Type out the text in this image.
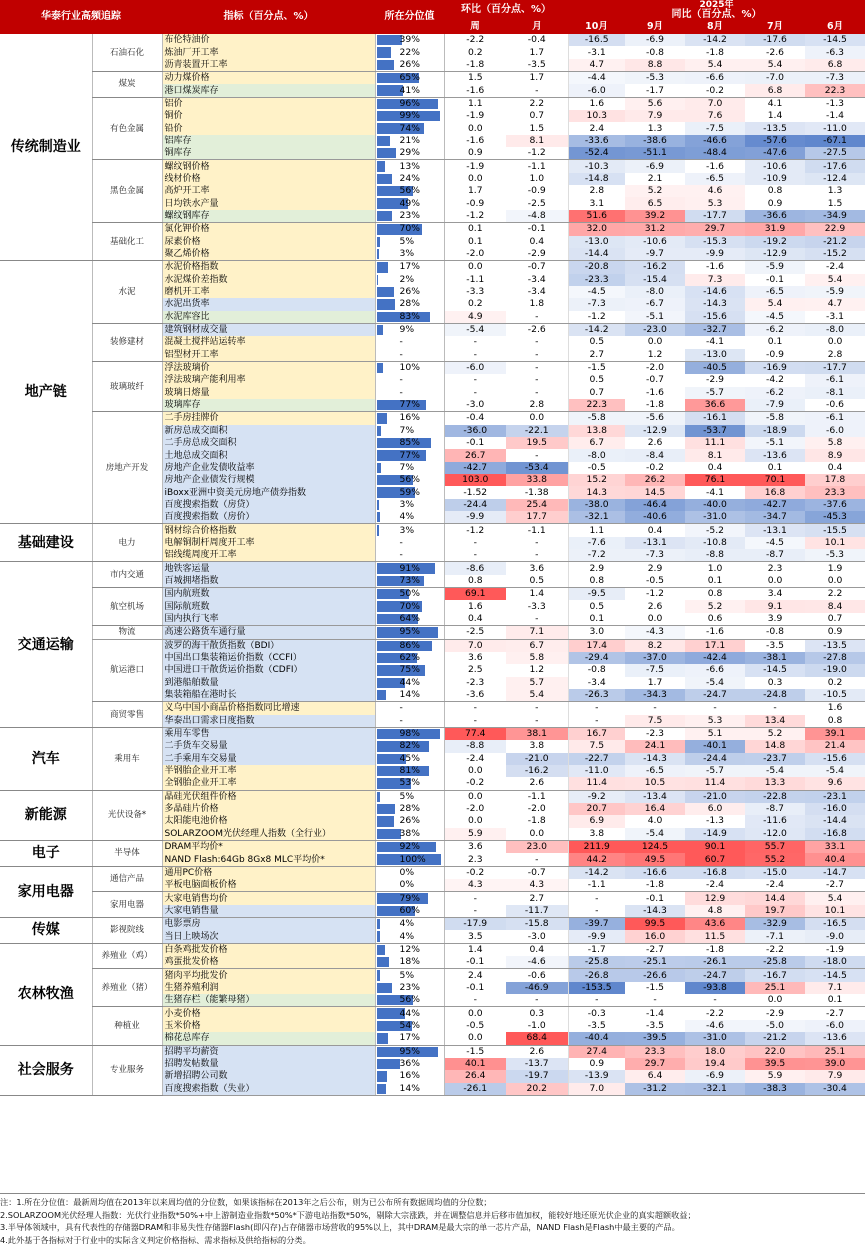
华泰行业高频追踪		指标（百分点、%）	所在分位值	环比（百分点、%）		2025年
同比（百分点、%）				

				周	月	10月	9月	8月	7月	6月
传统制造业	石油石化	布伦特油价	39%	-2.2	-0.4	-16.5	-6.9	-14.2	-17.6	-14.5
		炼油厂开工率	22%	0.2	1.7	-3.1	-0.8	-1.8	-2.6	-6.3
		沥青装置开工率	26%	-1.8	-3.5	4.7	8.8	5.4	5.4	6.8
	煤炭	动力煤价格	65%	1.5	1.7	-4.4	-5.3	-6.6	-7.0	-7.3
		港口煤炭库存	41%	-1.6	-	-6.0	-1.7	-0.2	6.8	22.3
	有色金属	铝价	96%	1.1	2.2	1.6	5.6	7.0	4.1	-1.3
		铜价	99%	-1.9	0.7	10.3	7.9	7.6	1.4	-1.4
		铅价	74%	0.0	1.5	2.4	1.3	-7.5	-13.5	-11.0
		铝库存	21%	-1.6	8.1	-33.6	-38.6	-46.6	-57.6	-67.1
		铜库存	29%	0.9	-1.2	-52.4	-51.1	-48.4	-47.6	-27.5
	黑色金属	螺纹钢价格	13%	-1.9	-1.1	-10.3	-6.9	-1.6	-10.6	-17.6
		线材价格	24%	0.0	1.0	-14.8	2.1	-6.5	-10.9	-12.4
		高炉开工率	56%	1.7	-0.9	2.8	5.2	4.6	0.8	1.3
		日均铁水产量	49%	-0.9	-2.5	3.1	6.5	5.3	0.9	1.5
		螺纹钢库存	23%	-1.2	-4.8	51.6	39.2	-17.7	-36.6	-34.9
	基础化工	氯化钾价格	70%	0.1	-0.1	32.0	31.2	29.7	31.9	22.9
		尿素价格	5%	0.1	0.4	-13.0	-10.6	-15.3	-19.2	-21.2
		聚乙烯价格	3%	-2.0	-2.9	-14.4	-9.7	-9.9	-12.9	-15.2
地产链	水泥	水泥价格指数	17%	0.0	-0.7	-20.8	-16.2	-1.6	-5.9	-2.4
		水泥煤价差指数	2%	-1.1	-3.4	-23.3	-15.4	7.3	-0.1	5.4
		磨机开工率	26%	-3.3	-3.4	-4.5	-8.0	-14.6	-6.5	-5.9
		水泥出货率	28%	0.2	1.8	-7.3	-6.7	-14.3	5.4	4.7
		水泥库容比	83%	4.9	-	-1.2	-5.1	-15.6	-4.5	-3.1
	装修建材	建筑钢材成交量	9%	-5.4	-2.6	-14.2	-23.0	-32.7	-6.2	-8.0
		混凝土搅拌站运转率	-	-	-	0.5	0.0	-4.1	0.1	0.0
		铝型材开工率	-	-	-	2.7	1.2	-13.0	-0.9	2.8
	玻璃玻纤	浮法玻璃价	10%	-6.0	-	-1.5	-2.0	-40.5	-16.9	-17.7
		浮法玻璃产能利用率	-	-	-	0.5	-0.7	-2.9	-4.2	-6.1
		玻璃日熔量	-	-	-	0.7	-1.6	-5.7	-6.2	-8.1
		玻璃库存	77%	-3.0	2.8	22.3	-1.8	36.6	-7.9	-0.6
	房地产开发	二手房挂牌价	16%	-0.4	0.0	-5.8	-5.6	-16.1	-5.8	-6.1
		新房总成交面积	7%	-36.0	-22.1	13.8	-12.9	-53.7	-18.9	-6.0
		二手房总成交面积	85%	-0.1	19.5	6.7	2.6	11.1	-5.1	5.8
		土地总成交面积	77%	26.7	-	-8.0	-8.4	8.1	-13.6	8.9
		房地产企业发债收益率	7%	-42.7	-53.4	-0.5	-0.2	0.4	0.1	0.4
		房地产企业债发行规模	56%	103.0	33.8	15.2	26.2	76.1	70.1	17.8
		iBoxx亚洲中资美元房地产债券指数	59%	-1.52	-1.38	14.3	14.5	-4.1	16.8	23.3
		百度搜索指数（房贷）	3%	-24.4	25.4	-38.0	-46.4	-40.0	-42.7	-37.6
		百度搜索指数（房价）	4%	-9.9	17.7	-32.1	-40.6	-31.0	-34.7	-45.3
基础建设	电力	钢材综合价格指数	3%	-1.2	-1.1	1.1	0.4	-5.2	-13.1	-15.5
		电解铜制杆周度开工率	-	-	-	-7.6	-13.1	-10.8	-4.5	10.1
		铝线缆周度开工率	-	-	-	-7.2	-7.3	-8.8	-8.7	-5.3
交通运输	市内交通	地铁客运量	91%	-8.6	3.6	2.9	2.9	1.0	2.3	1.9
		百城拥堵指数	73%	0.8	0.5	0.8	-0.5	0.1	0.0	0.0
	航空机场	国内航班数	50%	69.1	1.4	-9.5	-1.2	0.8	3.4	2.2
		国际航班数	70%	1.6	-3.3	0.5	2.6	5.2	9.1	8.4
		国内执行飞率	64%	0.4	-	0.1	0.0	0.6	3.9	0.7
	物流	高速公路货车通行量	95%	-2.5	7.1	3.0	-4.3	-1.6	-0.8	0.9
	航运港口	波罗的海干散货指数（BDI）	86%	7.0	6.7	17.4	8.2	17.1	-3.5	-13.5
		中国出口集装箱运价指数（CCFI）	62%	3.6	5.8	-29.4	-37.0	-42.4	-38.1	-27.8
		中国进口干散货运价指数（CDFI）	75%	2.5	1.2	-0.8	-7.5	-6.6	-14.5	-19.0
		到港船舶数量	44%	-2.3	5.7	-3.4	1.7	-5.4	0.3	0.2
		集装箱船在港时长	14%	-3.6	5.4	-26.3	-34.3	-24.7	-24.8	-10.5
	商贸零售	义乌中国小商品价格指数同比增速	-	-	-	-	-	-	-	1.6
		华泰出口需求日度指数	-	-	-	-	7.5	5.3	13.4	0.8
汽车	乘用车	乘用车零售	98%	77.4	38.1	16.7	-2.3	5.1	5.2	39.1
		二手货车交易量	82%	-8.8	3.8	7.5	24.1	-40.1	14.8	21.4
		二手乘用车交易量	45%	-2.4	-21.0	-22.7	-14.3	-24.4	-23.7	-15.6
		半钢胎企业开工率	81%	0.0	-16.2	-11.0	-6.5	-5.7	-5.4	-5.4
		全钢胎企业开工率	53%	-0.2	2.6	11.4	10.5	11.4	13.3	9.6
新能源	光伏设备*	晶硅光伏组件价格	5%	0.0	-1.1	-9.2	-13.4	-21.0	-22.8	-23.1
		多晶硅片价格	28%	-2.0	-2.0	20.7	16.4	6.0	-8.7	-16.0
		太阳能电池价格	26%	0.0	-1.8	6.9	4.0	-1.3	-11.6	-14.4
		SOLARZOOM光伏经理人指数（全行业）	38%	5.9	0.0	3.8	-5.4	-14.9	-12.0	-16.8
电子	半导体	DRAM平均价*	92%	3.6	23.0	211.9	124.5	90.1	55.7	33.1
		NAND Flash:64Gb 8Gx8 MLC平均价*	100%	2.3	-	44.2	49.5	60.7	55.2	40.4
家用电器	通信产品	通用PC价格	0%	-0.2	-0.7	-14.2	-16.6	-16.8	-15.0	-14.7
		平板电脑面板价格	0%	4.3	4.3	-1.1	-1.8	-2.4	-2.4	-2.7
	家用电器	大家电销售均价	79%	-	2.7	-	-0.1	12.9	14.4	5.4
		大家电销售量	60%	-	-11.7	-	-14.3	4.8	19.7	10.1
传媒	影视院线	电影票房	4%	-17.9	-15.8	-39.7	99.5	43.6	-32.9	-16.5
		当日上映场次	4%	3.5	-3.0	-9.9	16.0	11.5	-7.1	-9.0
农林牧渔	养殖业（鸡）	白条鸡批发价格	12%	1.4	0.4	-1.7	-2.7	-1.8	-2.2	-1.9
		鸡蛋批发价格	18%	-0.1	-4.6	-25.8	-25.1	-26.1	-25.8	-18.0
	养殖业（猪）	猪肉平均批发价	5%	2.4	-0.6	-26.8	-26.6	-24.7	-16.7	-14.5
		生猪养殖利润	23%	-0.1	-46.9	-153.5	-1.5	-93.8	25.1	7.1
		生猪存栏（能繁母猪）	56%	-	-	-	-	-	0.0	0.1
	种植业	小麦价格	44%	0.0	0.3	-0.3	-1.4	-2.2	-2.9	-2.7
		玉米价格	54%	-0.5	-1.0	-3.5	-3.5	-4.6	-5.0	-6.0
		棉花总库存	17%	0.0	68.4	-40.4	-39.5	-31.0	-21.2	-13.6
社会服务	专业服务	招聘平均薪资	95%	-1.5	2.6	27.4	23.3	18.0	22.0	25.1
		招聘发帖数量	36%	40.1	-13.7	0.9	29.7	19.4	39.5	39.0
		新增招聘公司数	16%	26.4	-19.7	-13.9	6.4	-6.9	5.9	7.9
		百度搜索指数（失业）	14%	-26.1	20.2	7.0	-31.2	-32.1	-38.3	-30.4
注：1.所在分位值：最新周均值在2013年以来周均值的分位数，如果该指标在2013年之后公布，则为已公布所有数据周均值的分位数；
2.SOLARZOOM光伏经理人指数：光伏行业指数*50%+中上游制造业指数*50%*下游电站指数*50%，剔除大宗涨跌，并在调整信息并后移市值加权，能较好地还原光伏企业的真实超额收益；
3.半导体领域中，具有代表性的存储器DRAM和非易失性存储器Flash(即闪存)占存储器市场营收的95%以上，其中DRAM是最大宗的单一芯片产品，NAND Flash是Flash中最主要的产品。
4.此外基于各指标对于行业中的实际含义判定价格指标、需求指标及供给指标的分类。
